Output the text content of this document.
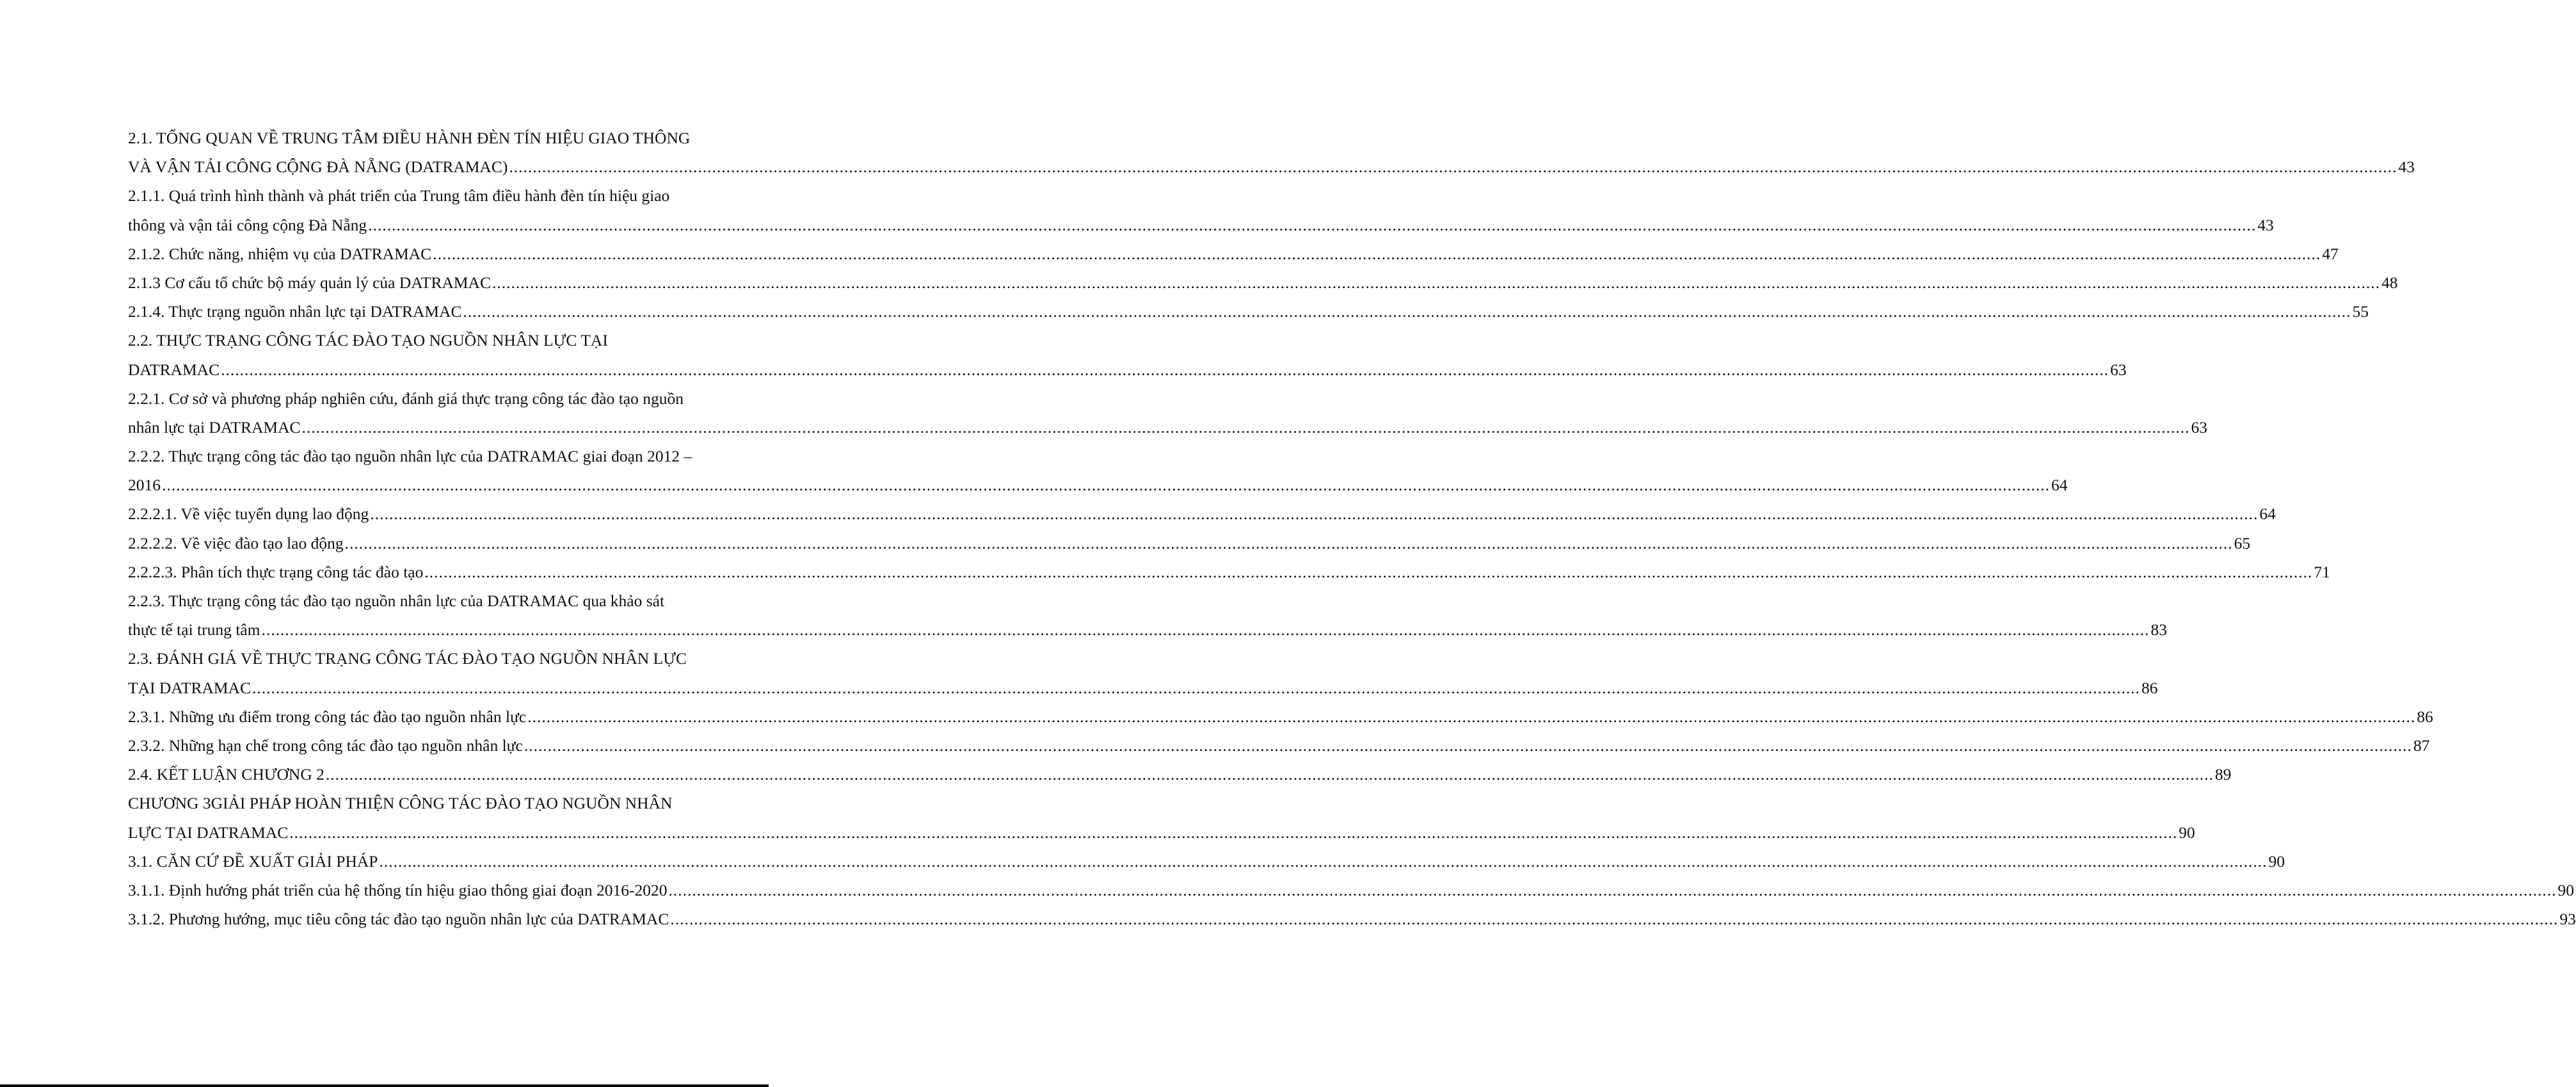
2.1. TỔNG QUAN VỀ TRUNG TÂM ĐIỀU HÀNH ĐÈN TÍN HIỆU GIAO THÔNG
VÀ VẬN TẢI CÔNG CỘNG ĐÀ NẴNG (DATRAMAC) ................................................................................................................................................................................................................................................................................................................................................................................................................ 43
2.1.1. Quá trình hình thành và phát triển của Trung tâm điều hành đèn tín hiệu giao
thông và vận tải công cộng Đà Nẵng ................................................................................................................................................................................................................................................................................................................................................................................................................ 43
2.1.2. Chức năng, nhiệm vụ của DATRAMAC ................................................................................................................................................................................................................................................................................................................................................................................................................ 47
2.1.3 Cơ cấu tổ chức bộ máy quản lý của DATRAMAC ................................................................................................................................................................................................................................................................................................................................................................................................................ 48
2.1.4. Thực trạng nguồn nhân lực tại DATRAMAC ................................................................................................................................................................................................................................................................................................................................................................................................................ 55
2.2. THỰC TRẠNG CÔNG TÁC ĐÀO TẠO NGUỒN NHÂN LỰC TẠI
DATRAMAC ................................................................................................................................................................................................................................................................................................................................................................................................................ 63
2.2.1. Cơ sở và phương pháp nghiên cứu, đánh giá thực trạng công tác đào tạo nguồn
nhân lực tại DATRAMAC ................................................................................................................................................................................................................................................................................................................................................................................................................ 63
2.2.2. Thực trạng công tác đào tạo nguồn nhân lực của DATRAMAC giai đoạn 2012 –
2016 ................................................................................................................................................................................................................................................................................................................................................................................................................ 64
2.2.2.1. Về việc tuyển dụng lao động ................................................................................................................................................................................................................................................................................................................................................................................................................ 64
2.2.2.2. Về việc đào tạo lao động ................................................................................................................................................................................................................................................................................................................................................................................................................ 65
2.2.2.3. Phân tích thực trạng công tác đào tạo ................................................................................................................................................................................................................................................................................................................................................................................................................ 71
2.2.3. Thực trạng công tác đào tạo nguồn nhân lực của DATRAMAC qua khảo sát
thực tế tại trung tâm ................................................................................................................................................................................................................................................................................................................................................................................................................ 83
2.3. ĐÁNH GIÁ VỀ THỰC TRẠNG CÔNG TÁC ĐÀO TẠO NGUỒN NHÂN LỰC
TẠI DATRAMAC ................................................................................................................................................................................................................................................................................................................................................................................................................ 86
2.3.1. Những ưu điểm trong công tác đào tạo nguồn nhân lực ................................................................................................................................................................................................................................................................................................................................................................................................................ 86
2.3.2. Những hạn chế trong công tác đào tạo nguồn nhân lực ................................................................................................................................................................................................................................................................................................................................................................................................................ 87
2.4. KẾT LUẬN CHƯƠNG 2 ................................................................................................................................................................................................................................................................................................................................................................................................................ 89
CHƯƠNG 3GIẢI PHÁP HOÀN THIỆN CÔNG TÁC ĐÀO TẠO NGUỒN NHÂN
LỰC TẠI DATRAMAC ................................................................................................................................................................................................................................................................................................................................................................................................................ 90
3.1. CĂN CỨ ĐỀ XUẤT GIẢI PHÁP ................................................................................................................................................................................................................................................................................................................................................................................................................ 90
3.1.1. Định hướng phát triển của hệ thống tín hiệu giao thông giai đoạn 2016-2020 ................................................................................................................................................................................................................................................................................................................................................................................................................ 90
3.1.2. Phương hướng, mục tiêu công tác đào tạo nguồn nhân lực của DATRAMAC ................................................................................................................................................................................................................................................................................................................................................................................................................ 93
